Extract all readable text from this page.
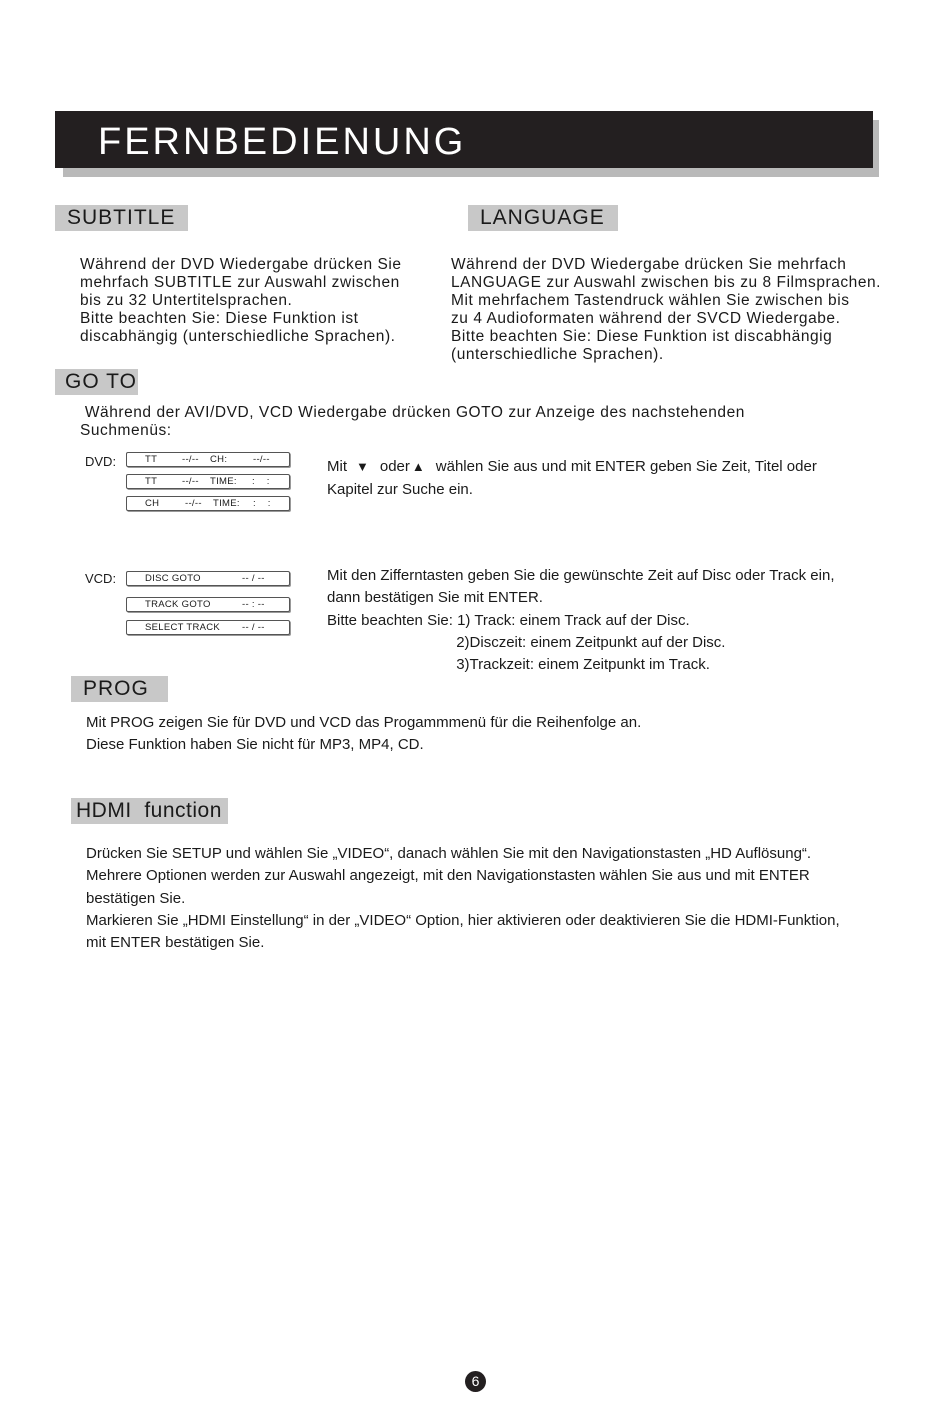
FERNBEDIENUNG
SUBTITLE
Während der DVD Wiedergabe drücken Sie
mehrfach SUBTITLE zur Auswahl zwischen
bis zu 32 Untertitelsprachen.
Bitte beachten Sie: Diese Funktion ist
discabhängig (unterschiedliche Sprachen).
LANGUAGE
Während der DVD Wiedergabe drücken Sie mehrfach
LANGUAGE zur Auswahl zwischen bis zu 8 Filmsprachen.
Mit mehrfachem Tastendruck wählen Sie zwischen bis
zu 4 Audioformaten während der SVCD Wiedergabe.
Bitte beachten Sie: Diese Funktion ist discabhängig
(unterschiedliche Sprachen).
GO TO
Während der AVI/DVD, VCD Wiedergabe drücken GOTO zur Anzeige des nachstehenden
Suchmenüs:
DVD:	TT	--/-- CH:	--/--
TT	--/-- TIME: :    :
CH	--/-- TIME: :    :
Mit ▼ oder ▲ wählen Sie aus und mit ENTER geben Sie Zeit, Titel oder
Kapitel zur Suche ein.
VCD:	DISC GOTO	-- / --
TRACK GOTO	-- : --
SELECT TRACK -- / --
Mit den Zifferntasten geben Sie die gewünschte Zeit auf Disc oder Track ein,
dann bestätigen Sie mit ENTER.
Bitte beachten Sie: 1) Track: einem Track auf der Disc.
2)Disczeit: einem Zeitpunkt auf der Disc.
3)Trackzeit: einem Zeitpunkt im Track.
PROG
Mit PROG zeigen Sie für DVD und VCD das Progammmenü für die Reihenfolge an.
Diese Funktion haben Sie nicht für MP3, MP4, CD.
HDMI  function
Drücken Sie SETUP und wählen Sie „VIDEO“, danach wählen Sie mit den Navigationstasten „HD Auflösung“.
Mehrere Optionen werden zur Auswahl angezeigt, mit den Navigationstasten wählen Sie aus und mit ENTER
bestätigen Sie.
Markieren Sie „HDMI Einstellung“ in der „VIDEO“ Option, hier aktivieren oder deaktivieren Sie die HDMI-Funktion,
mit ENTER bestätigen Sie.
6
